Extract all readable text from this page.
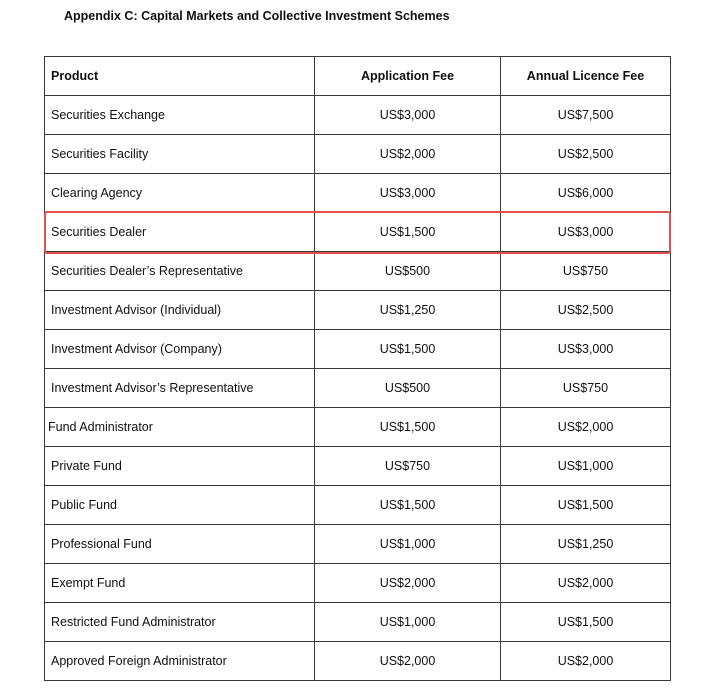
Appendix C: Capital Markets and Collective Investment Schemes
Product	Application Fee	Annual Licence Fee
Securities Exchange	US$3,000	US$7,500
Securities Facility	US$2,000	US$2,500
Clearing Agency	US$3,000	US$6,000
Securities Dealer	US$1,500	US$3,000
Securities Dealer’s Representative	US$500	US$750
Investment Advisor (Individual)	US$1,250	US$2,500
Investment Advisor (Company)	US$1,500	US$3,000
Investment Advisor’s Representative	US$500	US$750
Fund Administrator	US$1,500	US$2,000
Private Fund	US$750	US$1,000
Public Fund	US$1,500	US$1,500
Professional Fund	US$1,000	US$1,250
Exempt Fund	US$2,000	US$2,000
Restricted Fund Administrator	US$1,000	US$1,500
Approved Foreign Administrator	US$2,000	US$2,000
